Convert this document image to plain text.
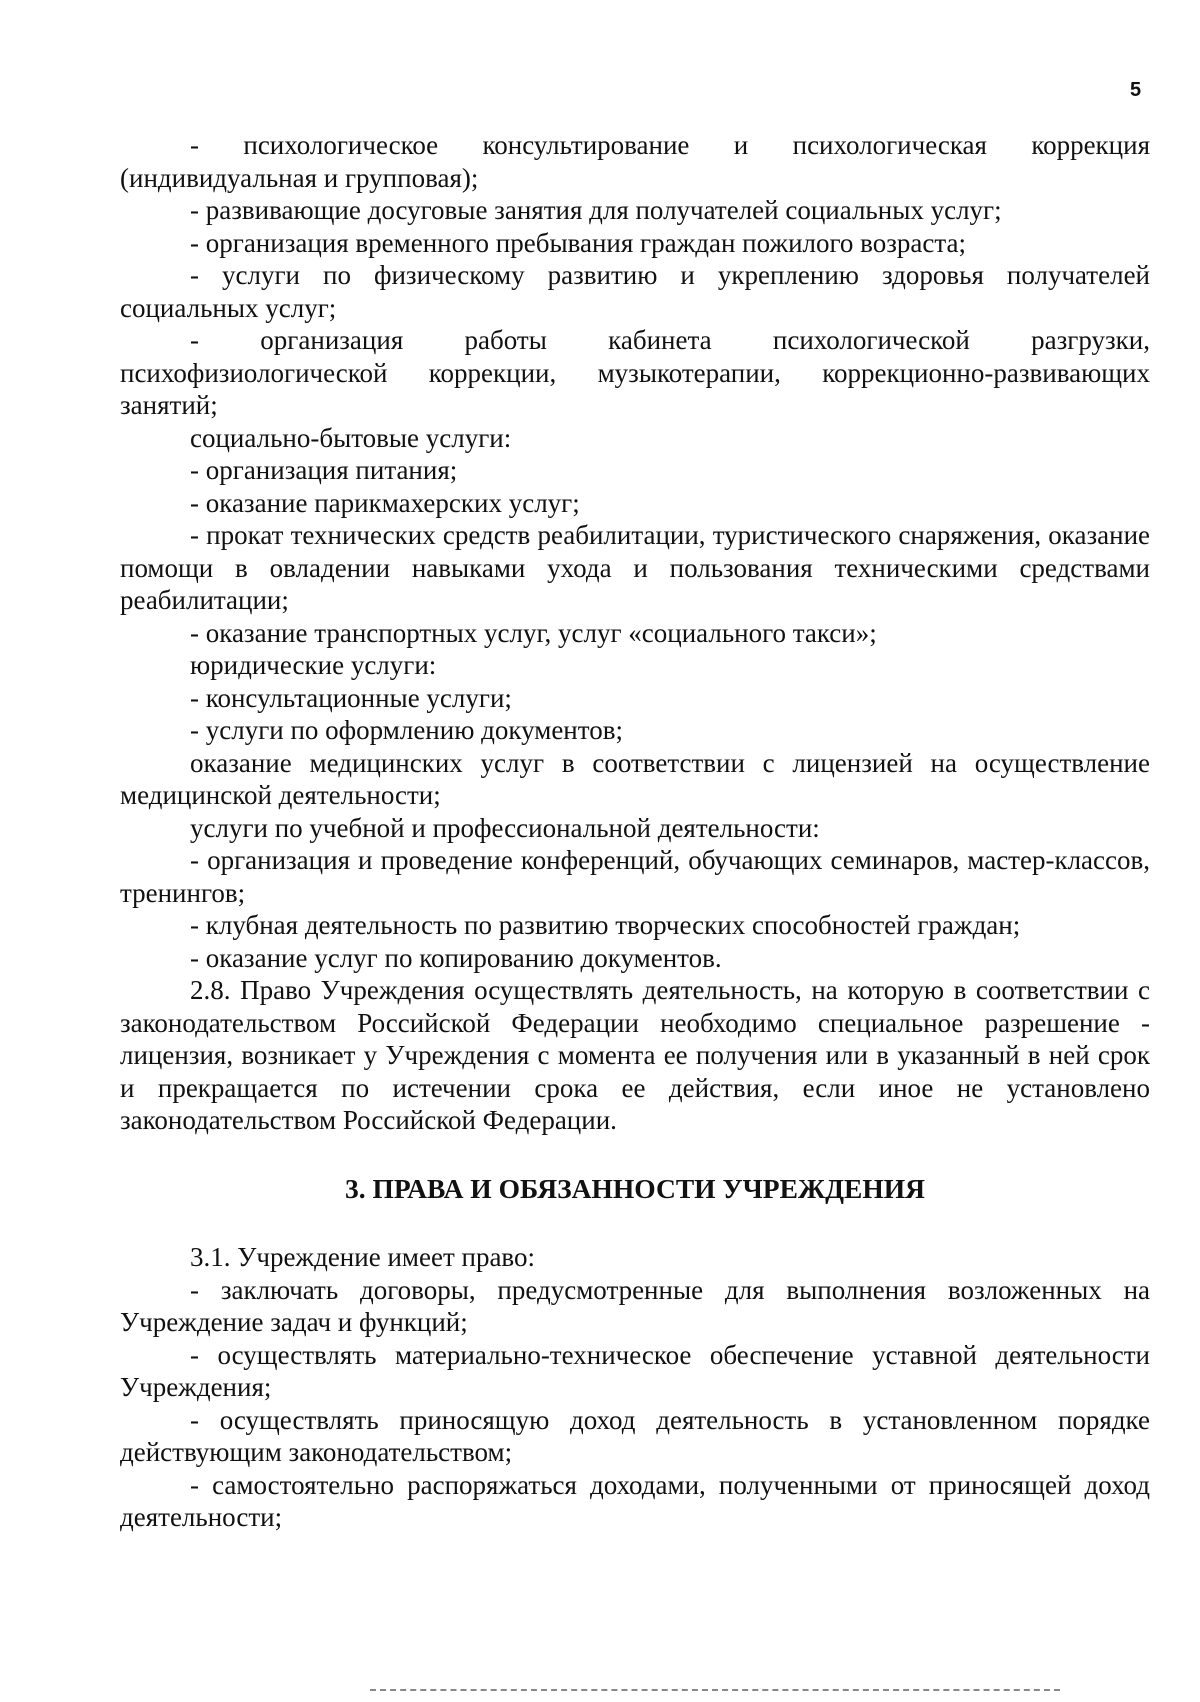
5

- психологическое консультирование и психологическая коррекция (индивидуальная и групповая);

- развивающие досуговые занятия для получателей социальных услуг;

- организация временного пребывания граждан пожилого возраста;

- услуги по физическому развитию и укреплению здоровья получателей социальных услуг;

- организация работы кабинета психологической разгрузки, психофизиологической коррекции, музыкотерапии, коррекционно-развивающих занятий;

социально-бытовые услуги:

- организация питания;

- оказание парикмахерских услуг;

- прокат технических средств реабилитации, туристического снаряжения, оказание помощи в овладении навыками ухода и пользования техническими средствами реабилитации;

- оказание транспортных услуг, услуг «социального такси»;

юридические услуги:

- консультационные услуги;

- услуги по оформлению документов;

оказание медицинских услуг в соответствии с лицензией на осуществление медицинской деятельности;

услуги по учебной и профессиональной деятельности:

- организация и проведение конференций, обучающих семинаров, мастер-классов, тренингов;

- клубная деятельность по развитию творческих способностей граждан;

- оказание услуг по копированию документов.

2.8. Право Учреждения осуществлять деятельность, на которую в соответствии с законодательством Российской Федерации необходимо специальное разрешение - лицензия, возникает у Учреждения с момента ее получения или в указанный в ней срок и прекращается по истечении срока ее действия, если иное не установлено законодательством Российской Федерации.

3. ПРАВА И ОБЯЗАННОСТИ УЧРЕЖДЕНИЯ

3.1. Учреждение имеет право:

- заключать договоры, предусмотренные для выполнения возложенных на Учреждение задач и функций;

- осуществлять материально-техническое обеспечение уставной деятельности Учреждения;

- осуществлять приносящую доход деятельность в установленном порядке действующим законодательством;

- самостоятельно распоряжаться доходами, полученными от приносящей доход деятельности;
